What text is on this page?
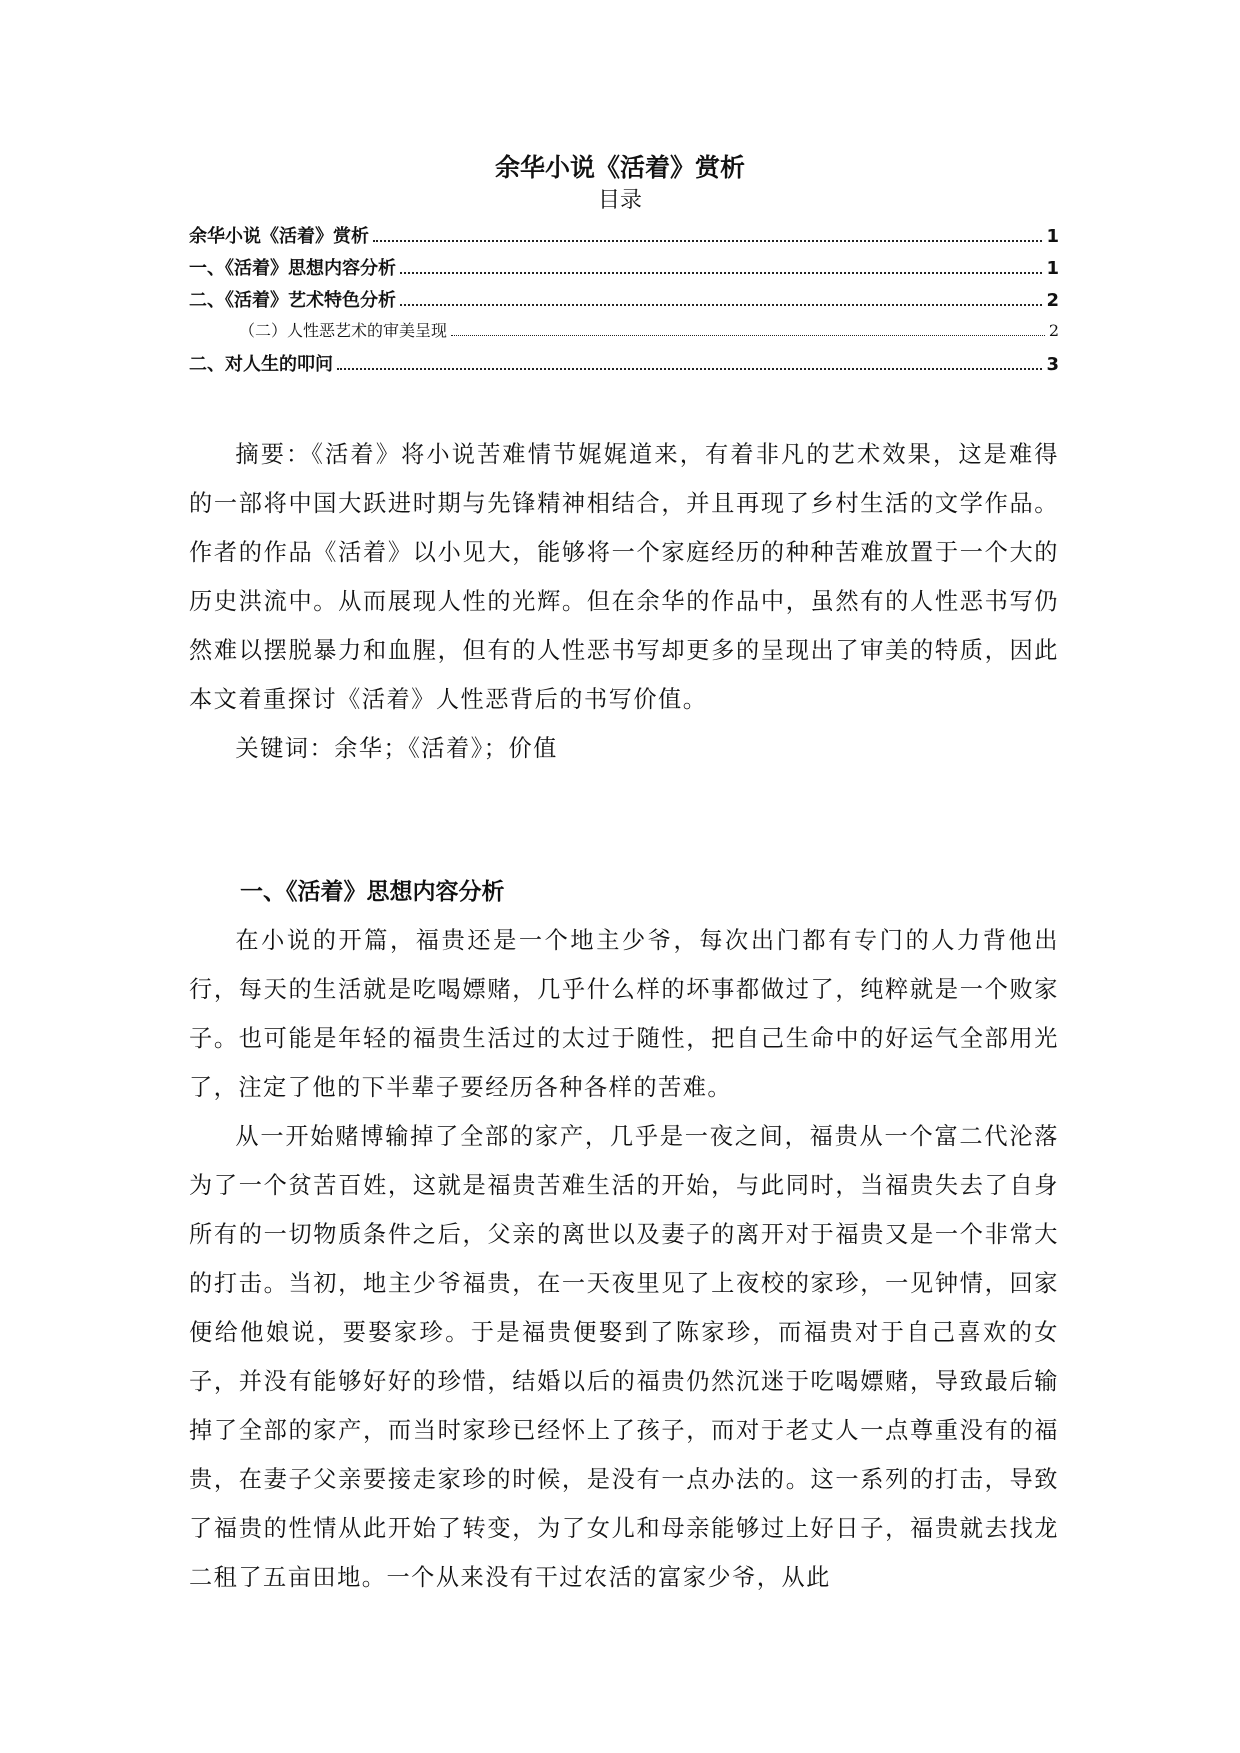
余华小说《活着》赏析
目录
余华小说《活着》赏析	1
一、《活着》思想内容分析	1
二、《活着》艺术特色分析	2
（二）人性恶艺术的审美呈现	2
二、对人生的叩问	3

摘要：《活着》将小说苦难情节娓娓道来，有着非凡的艺术效果，这是难得的一部将中国大跃进时期与先锋精神相结合，并且再现了乡村生活的文学作品。作者的作品《活着》以小见大，能够将一个家庭经历的种种苦难放置于一个大的历史洪流中。从而展现人性的光辉。但在余华的作品中，虽然有的人性恶书写仍然难以摆脱暴力和血腥，但有的人性恶书写却更多的呈现出了审美的特质，因此本文着重探讨《活着》人性恶背后的书写价值。

关键词：余华；《活着》；价值

一、《活着》思想内容分析

在小说的开篇，福贵还是一个地主少爷，每次出门都有专门的人力背他出行，每天的生活就是吃喝嫖赌，几乎什么样的坏事都做过了，纯粹就是一个败家子。也可能是年轻的福贵生活过的太过于随性，把自己生命中的好运气全部用光了，注定了他的下半辈子要经历各种各样的苦难。

从一开始赌博输掉了全部的家产，几乎是一夜之间，福贵从一个富二代沦落为了一个贫苦百姓，这就是福贵苦难生活的开始，与此同时，当福贵失去了自身所有的一切物质条件之后，父亲的离世以及妻子的离开对于福贵又是一个非常大的打击。当初，地主少爷福贵，在一天夜里见了上夜校的家珍，一见钟情，回家便给他娘说，要娶家珍。于是福贵便娶到了陈家珍，而福贵对于自己喜欢的女子，并没有能够好好的珍惜，结婚以后的福贵仍然沉迷于吃喝嫖赌，导致最后输掉了全部的家产，而当时家珍已经怀上了孩子，而对于老丈人一点尊重没有的福贵，在妻子父亲要接走家珍的时候，是没有一点办法的。这一系列的打击，导致了福贵的性情从此开始了转变，为了女儿和母亲能够过上好日子，福贵就去找龙二租了五亩田地。一个从来没有干过农活的富家少爷，从此
